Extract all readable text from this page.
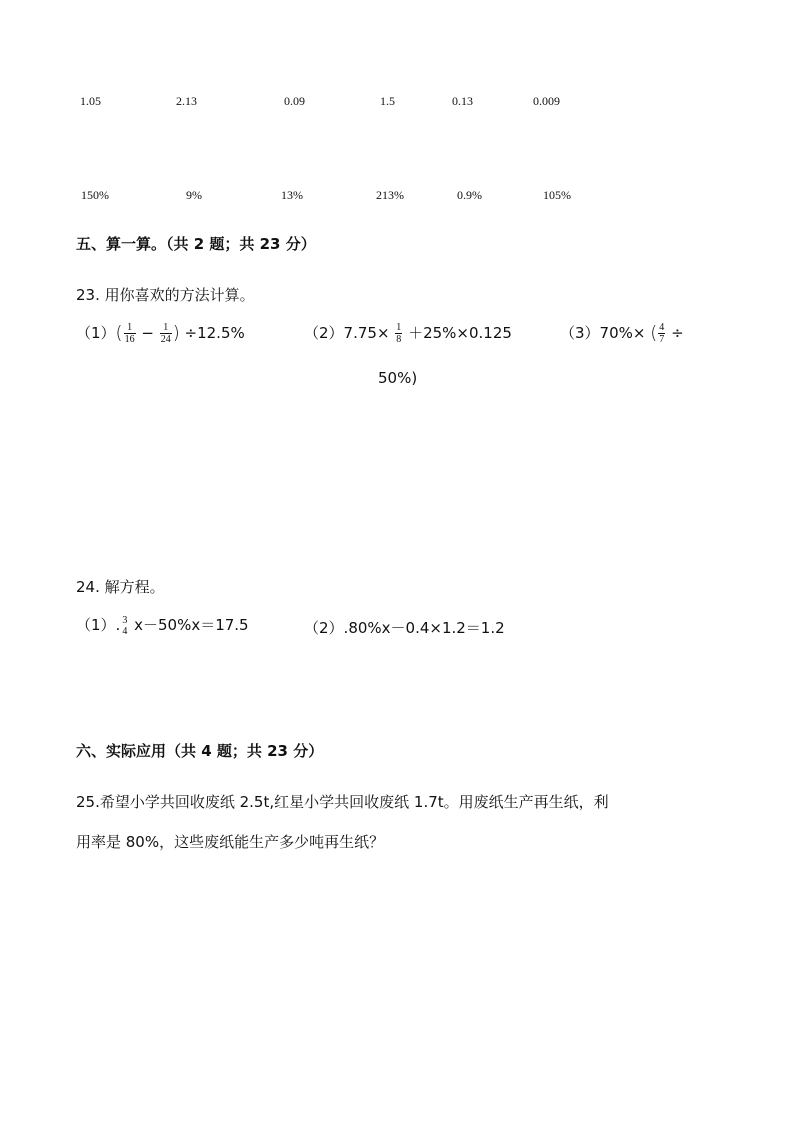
1.05	2.13	0.09	1.5	0.13	0.009
150%	9%	13%	213%	0.9%	105%
五、算一算。（共 2 题；共 23 分）
23. 用你喜欢的方法计算。
$(1)( \frac{1}{16} - \frac{1}{24}$ ) ÷12.5%	$(2)7.75\times \frac{1}{8} +25\%\times 0.125$	（3）70%× ( $\frac{4}{7}$ ÷
50%)
24. 解方程。
（1）. 3
4 x－50%x＝17.5	（2）.80%x－0.4×1.2＝1.2
六、实际应用（共 4 题；共 23 分）
25.希望小学共回收废纸 2.5t,红星小学共回收废纸 1.7t。用废纸生产再生纸，利
用率是 80%，这些废纸能生产多少吨再生纸？
